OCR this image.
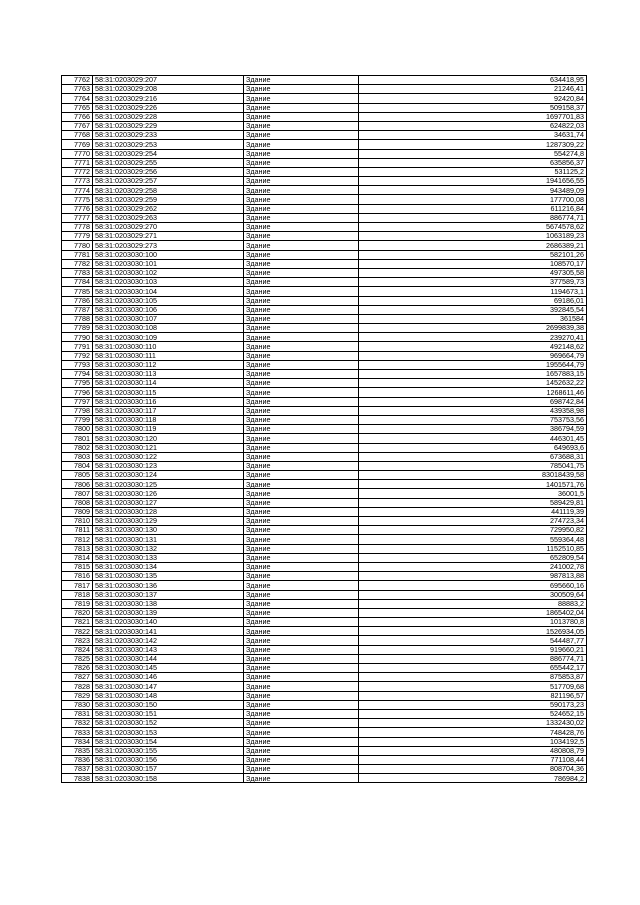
7762	58:31:0203029:207	Здание	634418,95
7763	58:31:0203029:208	Здание	21246,41
7764	58:31:0203029:216	Здание	92420,84
7765	58:31:0203029:226	Здание	509158,37
7766	58:31:0203029:228	Здание	1697701,83
7767	58:31:0203029:229	Здание	624822,03
7768	58:31:0203029:233	Здание	34631,74
7769	58:31:0203029:253	Здание	1287309,22
7770	58:31:0203029:254	Здание	554274,8
7771	58:31:0203029:255	Здание	635856,37
7772	58:31:0203029:256	Здание	531125,2
7773	58:31:0203029:257	Здание	1941656,55
7774	58:31:0203029:258	Здание	943489,09
7775	58:31:0203029:259	Здание	177700,08
7776	58:31:0203029:262	Здание	611216,84
7777	58:31:0203029:263	Здание	886774,71
7778	58:31:0203029:270	Здание	5674578,62
7779	58:31:0203029:271	Здание	1063189,23
7780	58:31:0203029:273	Здание	2686389,21
7781	58:31:0203030:100	Здание	582101,26
7782	58:31:0203030:101	Здание	108570,17
7783	58:31:0203030:102	Здание	497305,58
7784	58:31:0203030:103	Здание	377589,73
7785	58:31:0203030:104	Здание	1194673,1
7786	58:31:0203030:105	Здание	69186,01
7787	58:31:0203030:106	Здание	392845,54
7788	58:31:0203030:107	Здание	361584
7789	58:31:0203030:108	Здание	2699839,38
7790	58:31:0203030:109	Здание	239270,41
7791	58:31:0203030:110	Здание	492148,62
7792	58:31:0203030:111	Здание	969664,79
7793	58:31:0203030:112	Здание	1955644,79
7794	58:31:0203030:113	Здание	1657883,15
7795	58:31:0203030:114	Здание	1452632,22
7796	58:31:0203030:115	Здание	1268611,46
7797	58:31:0203030:116	Здание	698742,84
7798	58:31:0203030:117	Здание	439358,98
7799	58:31:0203030:118	Здание	753753,56
7800	58:31:0203030:119	Здание	386794,59
7801	58:31:0203030:120	Здание	446301,45
7802	58:31:0203030:121	Здание	649693,6
7803	58:31:0203030:122	Здание	673688,31
7804	58:31:0203030:123	Здание	785041,75
7805	58:31:0203030:124	Здание	83018439,58
7806	58:31:0203030:125	Здание	1401571,76
7807	58:31:0203030:126	Здание	36001,5
7808	58:31:0203030:127	Здание	589429,81
7809	58:31:0203030:128	Здание	441119,39
7810	58:31:0203030:129	Здание	274723,34
7811	58:31:0203030:130	Здание	729950,82
7812	58:31:0203030:131	Здание	559364,48
7813	58:31:0203030:132	Здание	1152510,85
7814	58:31:0203030:133	Здание	652809,54
7815	58:31:0203030:134	Здание	241002,78
7816	58:31:0203030:135	Здание	987813,88
7817	58:31:0203030:136	Здание	695660,16
7818	58:31:0203030:137	Здание	300509,64
7819	58:31:0203030:138	Здание	88883,2
7820	58:31:0203030:139	Здание	1865402,04
7821	58:31:0203030:140	Здание	1013780,8
7822	58:31:0203030:141	Здание	1526934,05
7823	58:31:0203030:142	Здание	544487,77
7824	58:31:0203030:143	Здание	919660,21
7825	58:31:0203030:144	Здание	886774,71
7826	58:31:0203030:145	Здание	655442,17
7827	58:31:0203030:146	Здание	875853,87
7828	58:31:0203030:147	Здание	517709,68
7829	58:31:0203030:148	Здание	821196,57
7830	58:31:0203030:150	Здание	590173,23
7831	58:31:0203030:151	Здание	524652,15
7832	58:31:0203030:152	Здание	1332430,02
7833	58:31:0203030:153	Здание	748428,76
7834	58:31:0203030:154	Здание	1034192,5
7835	58:31:0203030:155	Здание	480808,79
7836	58:31:0203030:156	Здание	771108,44
7837	58:31:0203030:157	Здание	808704,36
7838	58:31:0203030:158	Здание	786984,2
